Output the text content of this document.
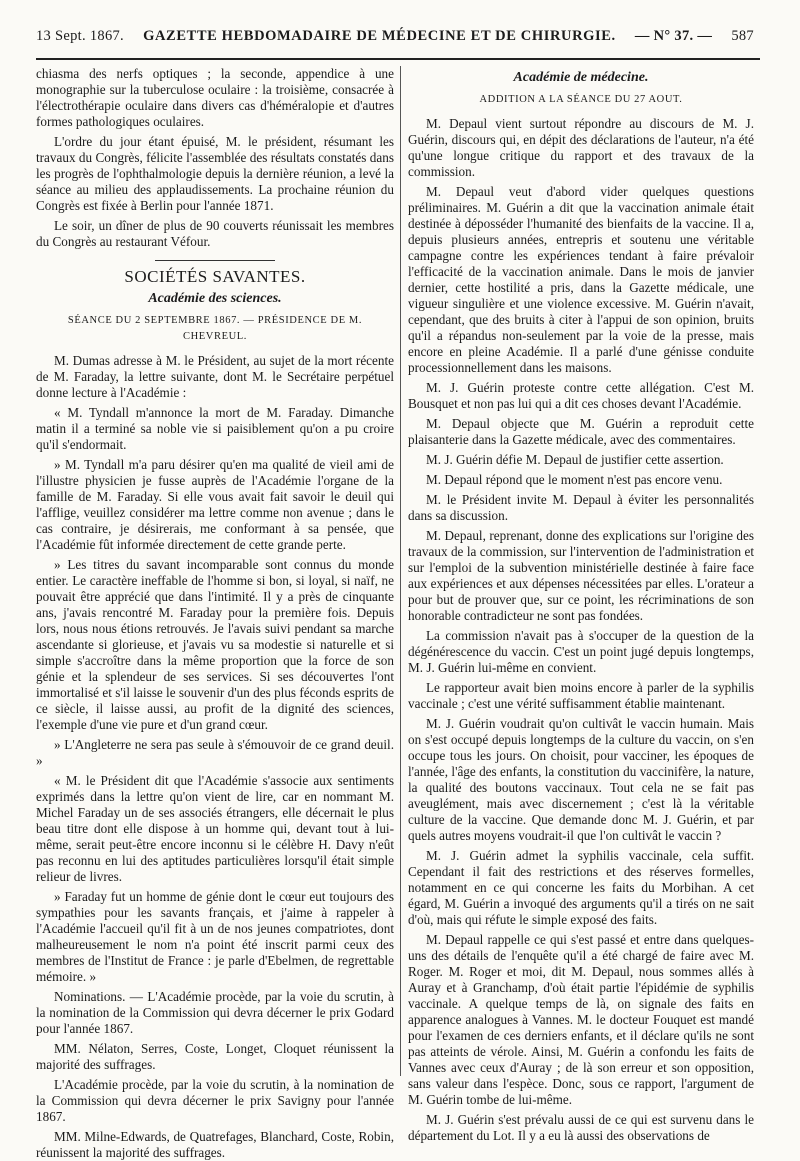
13 Sept. 1867. GAZETTE HEBDOMADAIRE DE MÉDECINE ET DE CHIRURGIE. — N° 37. — 587

chiasma des nerfs optiques ; la seconde, appendice à une monographie sur la tuberculose oculaire : la troisième, consacrée à l'électrothérapie oculaire dans divers cas d'héméralopie et d'autres formes pathologiques oculaires.

L'ordre du jour étant épuisé, M. le président, résumant les travaux du Congrès, félicite l'assemblée des résultats constatés dans les progrès de l'ophthalmologie depuis la dernière réunion, a levé la séance au milieu des applaudissements. La prochaine réunion du Congrès est fixée à Berlin pour l'année 1871.

Le soir, un dîner de plus de 90 couverts réunissait les membres du Congrès au restaurant Véfour.

SOCIÉTÉS SAVANTES.
Académie des sciences.
SÉANCE DU 2 SEPTEMBRE 1867. — PRÉSIDENCE DE M. CHEVREUL.

M. Dumas adresse à M. le Président, au sujet de la mort récente de M. Faraday, la lettre suivante, dont M. le Secrétaire perpétuel donne lecture à l'Académie :

« M. Tyndall m'annonce la mort de M. Faraday. Dimanche matin il a terminé sa noble vie si paisiblement qu'on a pu croire qu'il s'endormait.

» M. Tyndall m'a paru désirer qu'en ma qualité de vieil ami de l'illustre physicien je fusse auprès de l'Académie l'organe de la famille de M. Faraday. Si elle vous avait fait savoir le deuil qui l'afflige, veuillez considérer ma lettre comme non avenue ; dans le cas contraire, je désirerais, me conformant à sa pensée, que l'Académie fût informée directement de cette grande perte.

» Les titres du savant incomparable sont connus du monde entier. Le caractère ineffable de l'homme si bon, si loyal, si naïf, ne pouvait être apprécié que dans l'intimité. Il y a près de cinquante ans, j'avais rencontré M. Faraday pour la première fois. Depuis lors, nous nous étions retrouvés. Je l'avais suivi pendant sa marche ascendante si glorieuse, et j'avais vu sa modestie si naturelle et si simple s'accroître dans la même proportion que la force de son génie et la splendeur de ses services. Si ses découvertes l'ont immortalisé et s'il laisse le souvenir d'un des plus féconds esprits de ce siècle, il laisse aussi, au profit de la dignité des sciences, l'exemple d'une vie pure et d'un grand cœur.

» L'Angleterre ne sera pas seule à s'émouvoir de ce grand deuil. »

« M. le Président dit que l'Académie s'associe aux sentiments exprimés dans la lettre qu'on vient de lire, car en nommant M. Michel Faraday un de ses associés étrangers, elle décernait le plus beau titre dont elle dispose à un homme qui, devant tout à lui-même, serait peut-être encore inconnu si le célèbre H. Davy n'eût pas reconnu en lui des aptitudes particulières lorsqu'il était simple relieur de livres.

» Faraday fut un homme de génie dont le cœur eut toujours des sympathies pour les savants français, et j'aime à rappeler à l'Académie l'accueil qu'il fit à un de nos jeunes compatriotes, dont malheureusement le nom n'a point été inscrit parmi ceux des membres de l'Institut de France : je parle d'Ebelmen, de regrettable mémoire. »

Nominations. — L'Académie procède, par la voie du scrutin, à la nomination de la Commission qui devra décerner le prix Godard pour l'année 1867.

MM. Nélaton, Serres, Coste, Longet, Cloquet réunissent la majorité des suffrages.

L'Académie procède, par la voie du scrutin, à la nomination de la Commission qui devra décerner le prix Savigny pour l'année 1867.

MM. Milne-Edwards, de Quatrefages, Blanchard, Coste, Robin, réunissent la majorité des suffrages.

Académie de médecine.
ADDITION A LA SÉANCE DU 27 AOUT.

M. Depaul vient surtout répondre au discours de M. J. Guérin, discours qui, en dépit des déclarations de l'auteur, n'a été qu'une longue critique du rapport et des travaux de la commission.

M. Depaul veut d'abord vider quelques questions préliminaires. M. Guérin a dit que la vaccination animale était destinée à déposséder l'humanité des bienfaits de la vaccine. Il a, depuis plusieurs années, entrepris et soutenu une véritable campagne contre les expériences tendant à faire prévaloir l'efficacité de la vaccination animale. Dans le mois de janvier dernier, cette hostilité a pris, dans la Gazette médicale, une vigueur singulière et une violence excessive. M. Guérin n'avait, cependant, que des bruits à citer à l'appui de son opinion, bruits qu'il a répandus non-seulement par la voie de la presse, mais encore en pleine Académie. Il a parlé d'une génisse conduite processionnellement dans les maisons.

M. J. Guérin proteste contre cette allégation. C'est M. Bousquet et non pas lui qui a dit ces choses devant l'Académie.

M. Depaul objecte que M. Guérin a reproduit cette plaisanterie dans la Gazette médicale, avec des commentaires.

M. J. Guérin défie M. Depaul de justifier cette assertion.

M. Depaul répond que le moment n'est pas encore venu.

M. le Président invite M. Depaul à éviter les personnalités dans sa discussion.

M. Depaul, reprenant, donne des explications sur l'origine des travaux de la commission, sur l'intervention de l'administration et sur l'emploi de la subvention ministérielle destinée à faire face aux expériences et aux dépenses nécessitées par elles. L'orateur a pour but de prouver que, sur ce point, les récriminations de son honorable contradicteur ne sont pas fondées.

La commission n'avait pas à s'occuper de la question de la dégénérescence du vaccin. C'est un point jugé depuis longtemps, M. J. Guérin lui-même en convient.

Le rapporteur avait bien moins encore à parler de la syphilis vaccinale ; c'est une vérité suffisamment établie maintenant.

M. J. Guérin voudrait qu'on cultivât le vaccin humain. Mais on s'est occupé depuis longtemps de la culture du vaccin, on s'en occupe tous les jours. On choisit, pour vacciner, les époques de l'année, l'âge des enfants, la constitution du vaccinifère, la nature, la qualité des boutons vaccinaux. Tout cela ne se fait pas aveuglément, mais avec discernement ; c'est là la véritable culture de la vaccine. Que demande donc M. J. Guérin, et par quels autres moyens voudrait-il que l'on cultivât le vaccin ?

M. J. Guérin admet la syphilis vaccinale, cela suffit. Cependant il fait des restrictions et des réserves formelles, notamment en ce qui concerne les faits du Morbihan. A cet égard, M. Guérin a invoqué des arguments qu'il a tirés on ne sait d'où, mais qui réfute le simple exposé des faits.

M. Depaul rappelle ce qui s'est passé et entre dans quelques-uns des détails de l'enquête qu'il a été chargé de faire avec M. Roger. M. Roger et moi, dit M. Depaul, nous sommes allés à Auray et à Granchamp, d'où était partie l'épidémie de syphilis vaccinale. A quelque temps de là, on signale des faits en apparence analogues à Vannes. M. le docteur Fouquet est mandé pour l'examen de ces derniers enfants, et il déclare qu'ils ne sont pas atteints de vérole. Ainsi, M. Guérin a confondu les faits de Vannes avec ceux d'Auray ; de là son erreur et son opposition, sans valeur dans l'espèce. Donc, sous ce rapport, l'argument de M. Guérin tombe de lui-même.

M. J. Guérin s'est prévalu aussi de ce qui est survenu dans le département du Lot. Il y a eu là aussi des observations de
